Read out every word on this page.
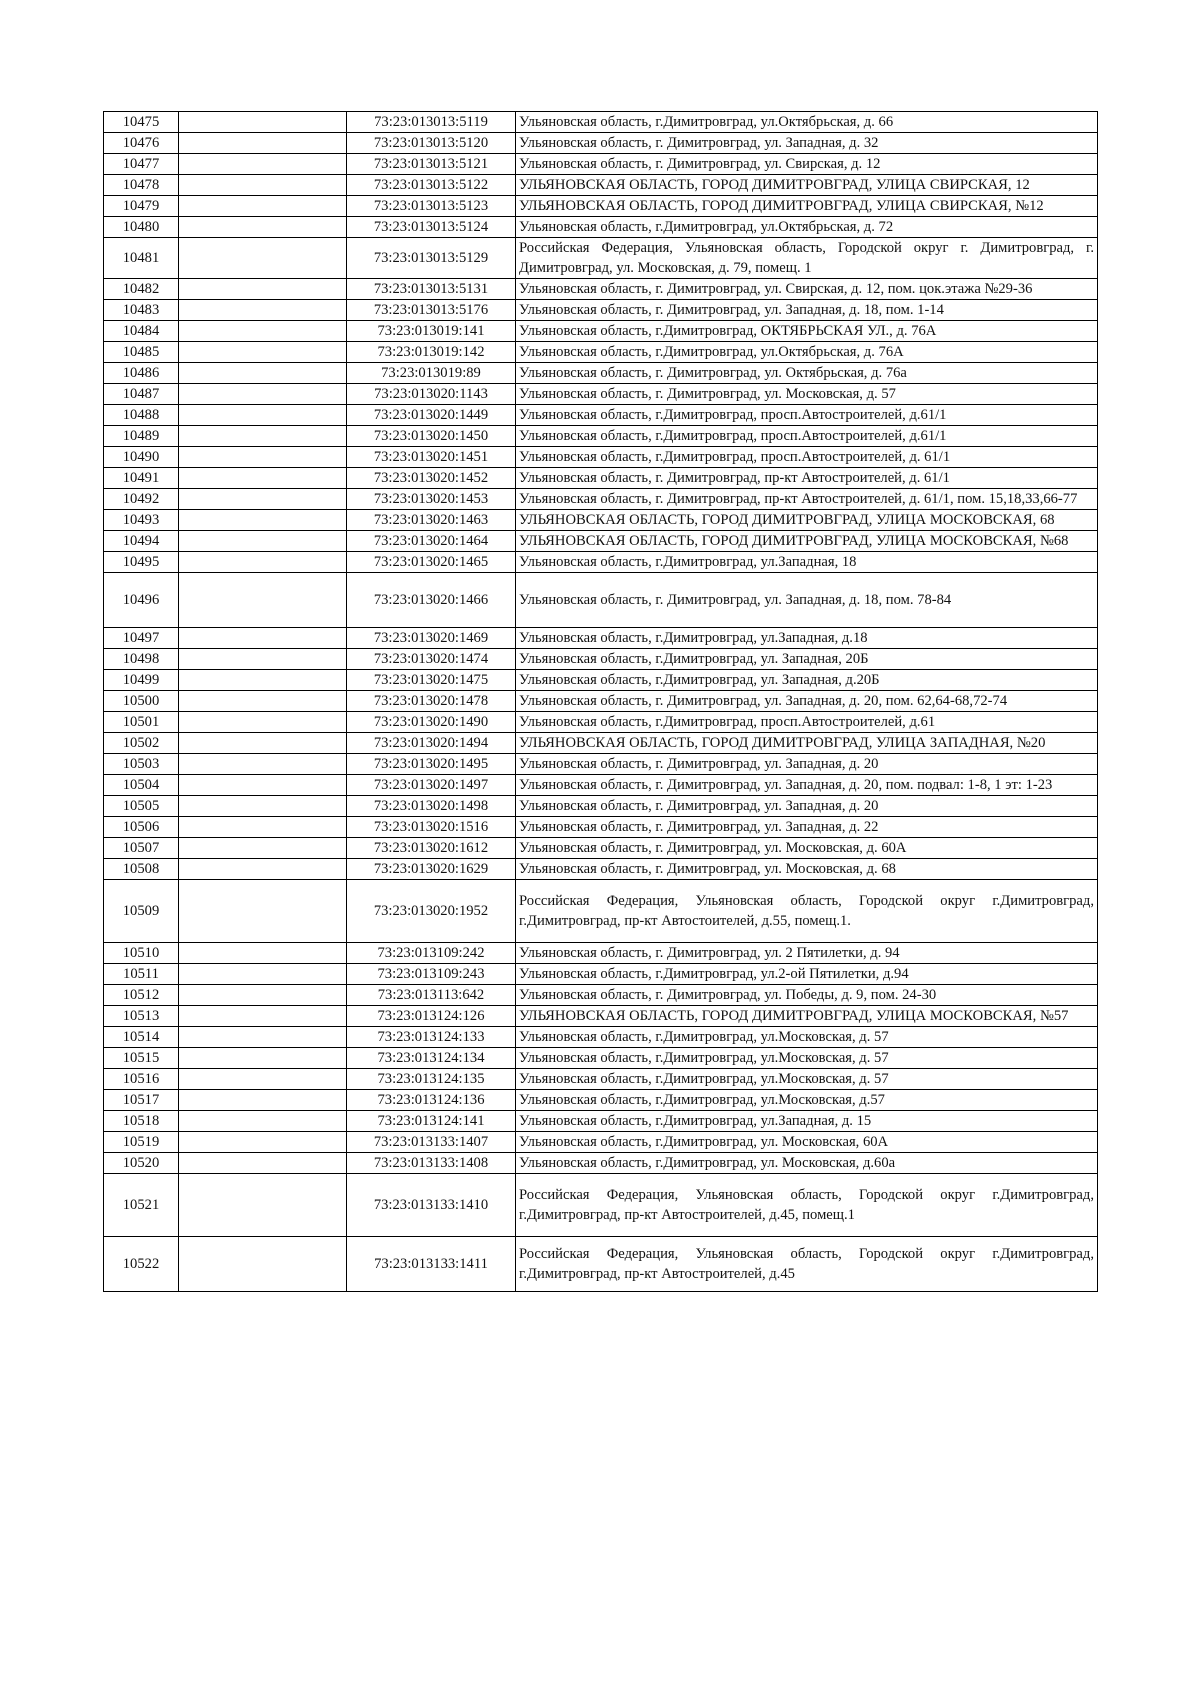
10475		73:23:013013:5119	Ульяновская область, г.Димитровград, ул.Октябрьская, д. 66
10476		73:23:013013:5120	Ульяновская область, г. Димитровград, ул. Западная, д. 32
10477		73:23:013013:5121	Ульяновская область, г. Димитровград, ул. Свирская, д. 12
10478		73:23:013013:5122	УЛЬЯНОВСКАЯ ОБЛАСТЬ, ГОРОД ДИМИТРОВГРАД, УЛИЦА СВИРСКАЯ, 12
10479		73:23:013013:5123	УЛЬЯНОВСКАЯ ОБЛАСТЬ, ГОРОД ДИМИТРОВГРАД, УЛИЦА СВИРСКАЯ, №12
10480		73:23:013013:5124	Ульяновская область, г.Димитровград, ул.Октябрьская, д. 72
10481		73:23:013013:5129	Российская Федерация, Ульяновская область, Городской округ г. Димитровград, г. Димитровград, ул. Московская, д. 79, помещ. 1
10482		73:23:013013:5131	Ульяновская область, г. Димитровград, ул. Свирская, д. 12, пом. цок.этажа №29-36
10483		73:23:013013:5176	Ульяновская область, г. Димитровград, ул. Западная, д. 18, пом. 1-14
10484		73:23:013019:141	Ульяновская область, г.Димитровград, ОКТЯБРЬСКАЯ УЛ., д. 76А
10485		73:23:013019:142	Ульяновская область, г.Димитровград, ул.Октябрьская, д. 76А
10486		73:23:013019:89	Ульяновская область, г. Димитровград, ул. Октябрьская, д. 76а
10487		73:23:013020:1143	Ульяновская область, г. Димитровград, ул. Московская, д. 57
10488		73:23:013020:1449	Ульяновская область, г.Димитровград, просп.Автостроителей, д.61/1
10489		73:23:013020:1450	Ульяновская область, г.Димитровград, просп.Автостроителей, д.61/1
10490		73:23:013020:1451	Ульяновская область, г.Димитровград, просп.Автостроителей, д. 61/1
10491		73:23:013020:1452	Ульяновская область, г. Димитровград, пр-кт Автостроителей, д. 61/1
10492		73:23:013020:1453	Ульяновская область, г. Димитровград, пр-кт Автостроителей, д. 61/1, пом. 15,18,33,66-77
10493		73:23:013020:1463	УЛЬЯНОВСКАЯ ОБЛАСТЬ, ГОРОД ДИМИТРОВГРАД, УЛИЦА МОСКОВСКАЯ, 68
10494		73:23:013020:1464	УЛЬЯНОВСКАЯ ОБЛАСТЬ, ГОРОД ДИМИТРОВГРАД, УЛИЦА МОСКОВСКАЯ, №68
10495		73:23:013020:1465	Ульяновская область, г.Димитровград, ул.Западная, 18
10496		73:23:013020:1466	Ульяновская область, г. Димитровград, ул. Западная, д. 18, пом. 78-84
10497		73:23:013020:1469	Ульяновская область, г.Димитровград, ул.Западная, д.18
10498		73:23:013020:1474	Ульяновская область, г.Димитровград, ул. Западная, 20Б
10499		73:23:013020:1475	Ульяновская область, г.Димитровград, ул. Западная, д.20Б
10500		73:23:013020:1478	Ульяновская область, г. Димитровград, ул. Западная, д. 20, пом. 62,64-68,72-74
10501		73:23:013020:1490	Ульяновская область, г.Димитровград, просп.Автостроителей, д.61
10502		73:23:013020:1494	УЛЬЯНОВСКАЯ ОБЛАСТЬ, ГОРОД ДИМИТРОВГРАД, УЛИЦА ЗАПАДНАЯ, №20
10503		73:23:013020:1495	Ульяновская область, г. Димитровград, ул. Западная, д. 20
10504		73:23:013020:1497	Ульяновская область, г. Димитровград, ул. Западная, д. 20, пом. подвал: 1-8, 1 эт: 1-23
10505		73:23:013020:1498	Ульяновская область, г. Димитровград, ул. Западная, д. 20
10506		73:23:013020:1516	Ульяновская область, г. Димитровград, ул. Западная, д. 22
10507		73:23:013020:1612	Ульяновская область, г. Димитровград, ул. Московская, д. 60А
10508		73:23:013020:1629	Ульяновская область, г. Димитровград, ул. Московская, д. 68
10509		73:23:013020:1952	Российская Федерация, Ульяновская область, Городской округ г.Димитровград, г.Димитровград, пр-кт Автостоителей, д.55, помещ.1.
10510		73:23:013109:242	Ульяновская область, г. Димитровград, ул. 2 Пятилетки, д. 94
10511		73:23:013109:243	Ульяновская область, г.Димитровград, ул.2-ой Пятилетки, д.94
10512		73:23:013113:642	Ульяновская область, г. Димитровград, ул. Победы, д. 9, пом. 24-30
10513		73:23:013124:126	УЛЬЯНОВСКАЯ ОБЛАСТЬ, ГОРОД ДИМИТРОВГРАД, УЛИЦА МОСКОВСКАЯ, №57
10514		73:23:013124:133	Ульяновская область, г.Димитровград, ул.Московская, д. 57
10515		73:23:013124:134	Ульяновская область, г.Димитровград, ул.Московская, д. 57
10516		73:23:013124:135	Ульяновская область, г.Димитровград, ул.Московская, д. 57
10517		73:23:013124:136	Ульяновская область, г.Димитровград, ул.Московская, д.57
10518		73:23:013124:141	Ульяновская область, г.Димитровград, ул.Западная, д. 15
10519		73:23:013133:1407	Ульяновская область, г.Димитровград, ул. Московская, 60А
10520		73:23:013133:1408	Ульяновская область, г.Димитровград, ул. Московская, д.60а
10521		73:23:013133:1410	Российская Федерация, Ульяновская область, Городской округ г.Димитровград, г.Димитровград, пр-кт Автостроителей, д.45, помещ.1
10522		73:23:013133:1411	Российская Федерация, Ульяновская область, Городской округ г.Димитровград, г.Димитровград, пр-кт Автостроителей, д.45
